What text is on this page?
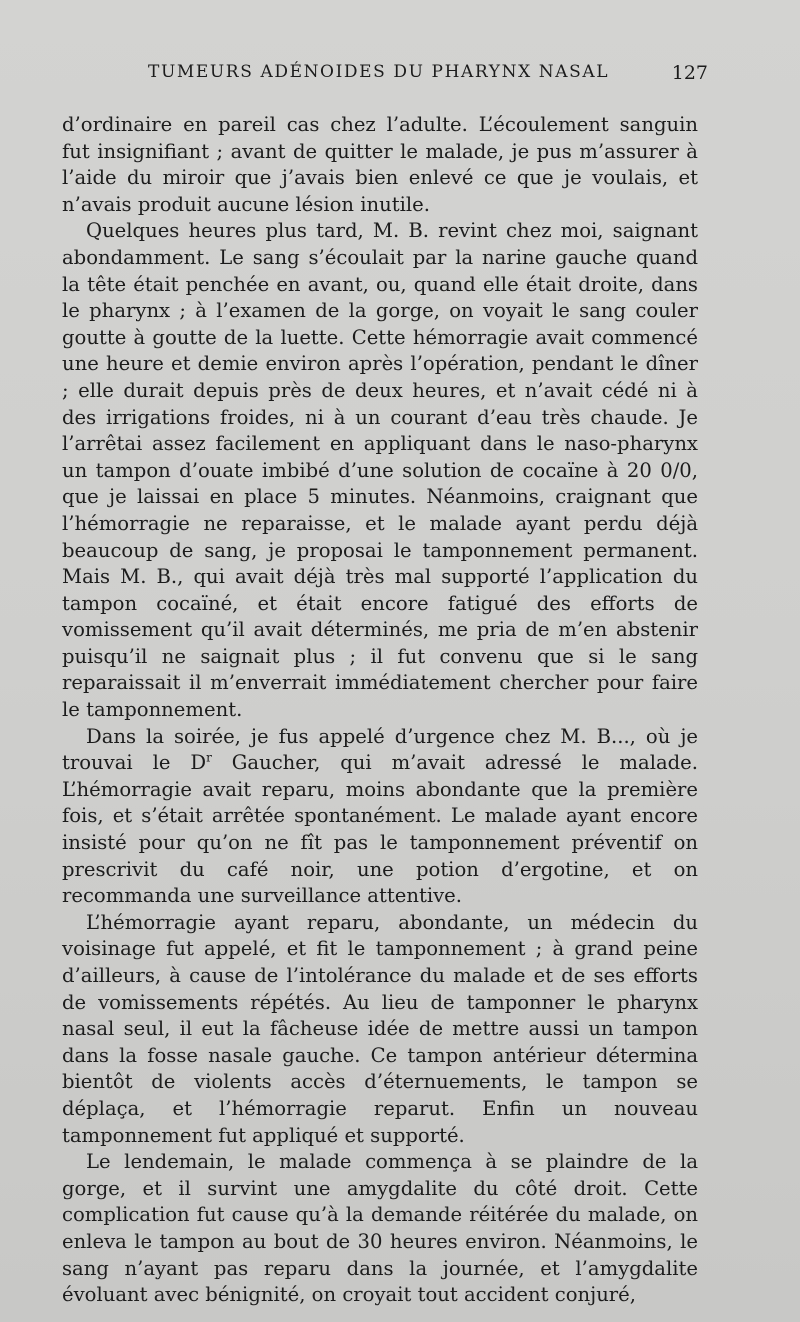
TUMEURS ADÉNOIDES DU PHARYNX NASAL	127

d’ordinaire en pareil cas chez l’adulte. L’écoulement sanguin fut insignifiant ; avant de quitter le malade, je pus m’assurer à l’aide du miroir que j’avais bien enlevé ce que je voulais, et n’avais produit aucune lésion inutile.

Quelques heures plus tard, M. B. revint chez moi, saignant abondamment. Le sang s’écoulait par la narine gauche quand la tête était penchée en avant, ou, quand elle était droite, dans le pharynx ; à l’examen de la gorge, on voyait le sang couler goutte à goutte de la luette. Cette hémorragie avait commencé une heure et demie environ après l’opération, pendant le dîner ; elle durait depuis près de deux heures, et n’avait cédé ni à des irrigations froides, ni à un courant d’eau très chaude. Je l’arrêtai assez facilement en appliquant dans le naso-pharynx un tampon d’ouate imbibé d’une solution de cocaïne à 20 0/0, que je laissai en place 5 minutes. Néanmoins, craignant que l’hémorragie ne reparaisse, et le malade ayant perdu déjà beaucoup de sang, je proposai le tamponnement permanent. Mais M. B., qui avait déjà très mal supporté l’application du tampon cocaïné, et était encore fatigué des efforts de vomissement qu’il avait déterminés, me pria de m’en abstenir puisqu’il ne saignait plus ; il fut convenu que si le sang reparaissait il m’enverrait immédiatement chercher pour faire le tamponnement.

Dans la soirée, je fus appelé d’urgence chez M. B..., où je trouvai le $D^r$ Gaucher, qui m’avait adressé le malade. L’hémorragie avait reparu, moins abondante que la première fois, et s’était arrêtée spontanément. Le malade ayant encore insisté pour qu’on ne fît pas le tamponnement préventif on prescrivit du café noir, une potion d’ergotine, et on recommanda une surveillance attentive.

L’hémorragie ayant reparu, abondante, un médecin du voisinage fut appelé, et fit le tamponnement ; à grand peine d’ailleurs, à cause de l’intolérance du malade et de ses efforts de vomissements répétés. Au lieu de tamponner le pharynx nasal seul, il eut la fâcheuse idée de mettre aussi un tampon dans la fosse nasale gauche. Ce tampon antérieur détermina bientôt de violents accès d’éternuements, le tampon se déplaça, et l’hémorragie reparut. Enfin un nouveau tamponnement fut appliqué et supporté.

Le lendemain, le malade commença à se plaindre de la gorge, et il survint une amygdalite du côté droit. Cette complication fut cause qu’à la demande réitérée du malade, on enleva le tampon au bout de 30 heures environ. Néanmoins, le sang n’ayant pas reparu dans la journée, et l’amygdalite évoluant avec bénignité, on croyait tout accident conjuré,
